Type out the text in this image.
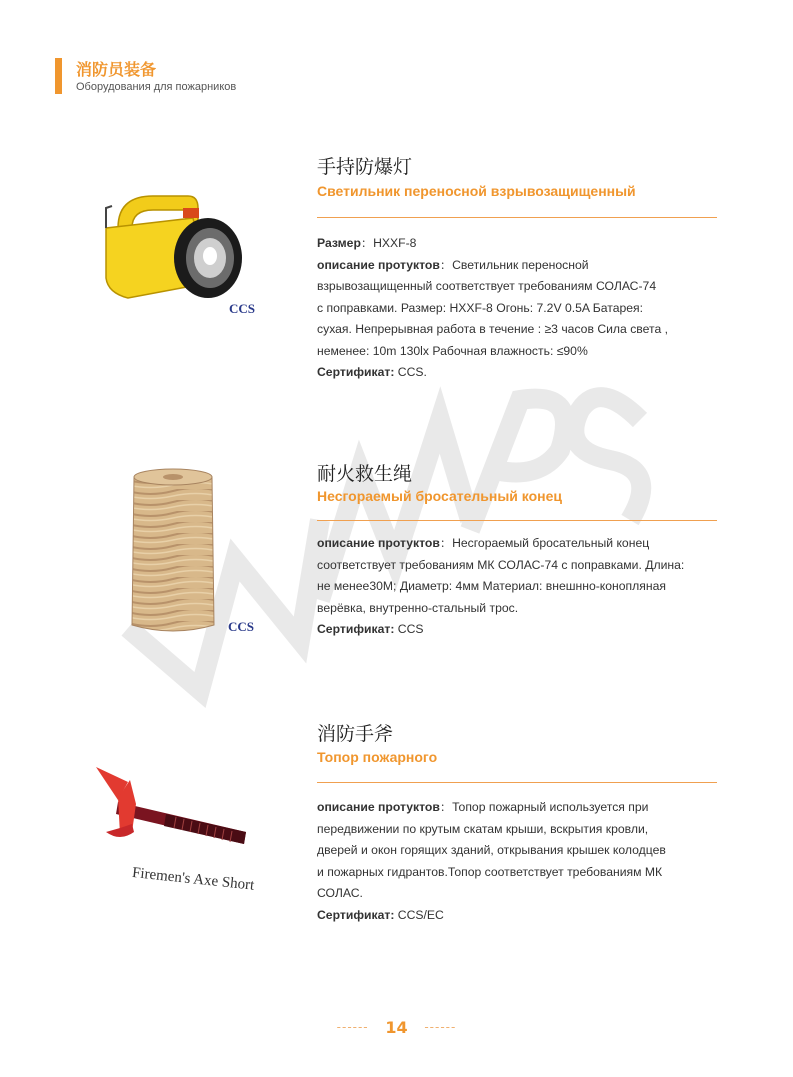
消防员装备
Оборудования для пожарников
CCS
手持防爆灯
Светильник переносной взрывозащищенный
Размер：HXXF-8
описание протуктов：Светильник переносной
взрывозащищенный соответствует требованиям СОЛАС-74
с поправками. Размер: HXXF-8 Огонь: 7.2V 0.5A Батарея:
сухая. Непрерывная работа в течение : ≥3 часов Сила света ,
неменее: 10m 130lx Рабочная влажность: ≤90%
Сертификат: CCS.
CCS
耐火救生绳
Несгораемый бросательный конец
описание протуктов：Несгораемый бросательный конец
соответствует требованиям МК СОЛАС-74 с поправками. Длина:
не менее30М; Диаметр: 4мм Материал: внешнно-конопляная
верёвка, внутренно-стальный трос.
Сертификат: CCS
Firemen's Axe Short
消防手斧
Топор пожарного
описание протуктов：Топор пожарный используется при
передвижении по крутым скатам крыши, вскрытия кровли,
дверей и окон горящих зданий, открывания крышек колодцев
и пожарных гидрантов.Топор соответствует требованиям МК
СОЛАС.
Сертификат: CCS/EC
------ 14 ------
